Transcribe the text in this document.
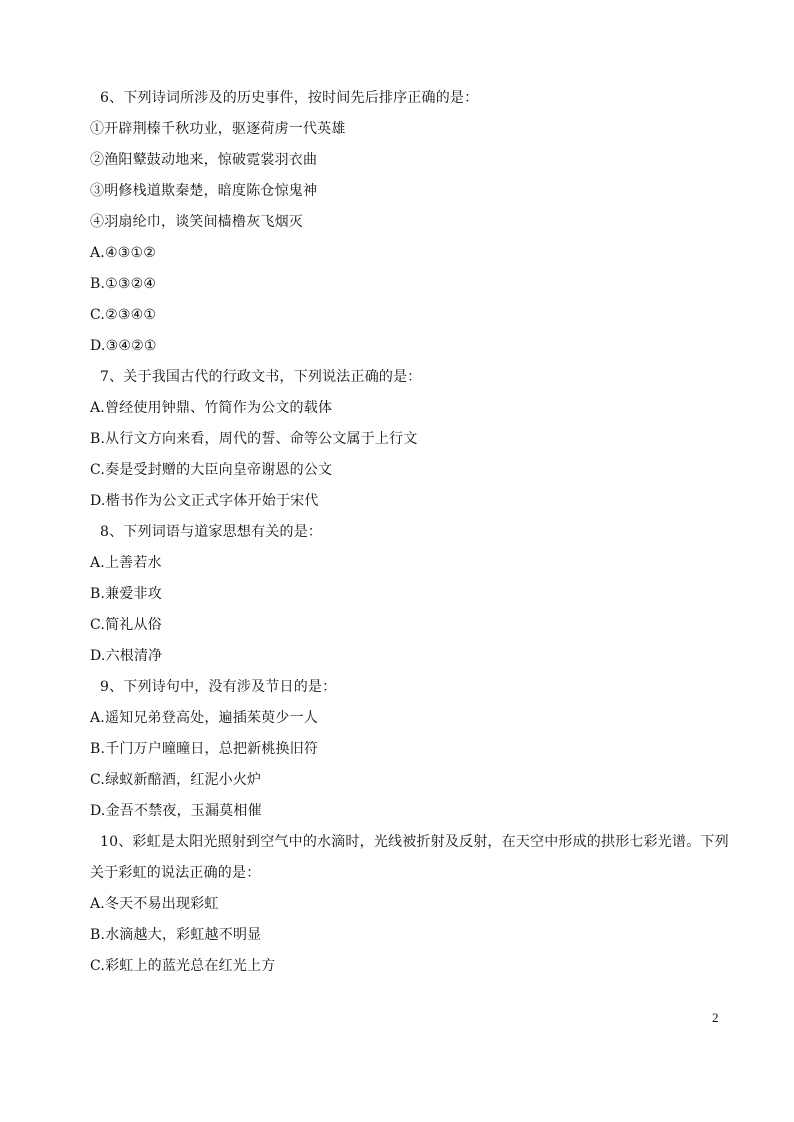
6、下列诗词所涉及的历史事件，按时间先后排序正确的是：
①开辟荆榛千秋功业，驱逐荷虏一代英雄
②渔阳鼙鼓动地来，惊破霓裳羽衣曲
③明修栈道欺秦楚，暗度陈仓惊鬼神
④羽扇纶巾，谈笑间樯橹灰飞烟灭
A.④③①②
B.①③②④
C.②③④①
D.③④②①
7、关于我国古代的行政文书，下列说法正确的是：
A.曾经使用钟鼎、竹简作为公文的载体
B.从行文方向来看，周代的誓、命等公文属于上行文
C.奏是受封赠的大臣向皇帝谢恩的公文
D.楷书作为公文正式字体开始于宋代
8、下列词语与道家思想有关的是：
A.上善若水
B.兼爱非攻
C.简礼从俗
D.六根清净
9、下列诗句中，没有涉及节日的是：
A.遥知兄弟登高处，遍插茱萸少一人
B.千门万户曈曈日，总把新桃换旧符
C.绿蚁新醅酒，红泥小火炉
D.金吾不禁夜，玉漏莫相催
10、彩虹是太阳光照射到空气中的水滴时，光线被折射及反射，在天空中形成的拱形七彩光谱。下列
关于彩虹的说法正确的是：
A.冬天不易出现彩虹
B.水滴越大，彩虹越不明显
C.彩虹上的蓝光总在红光上方
2
